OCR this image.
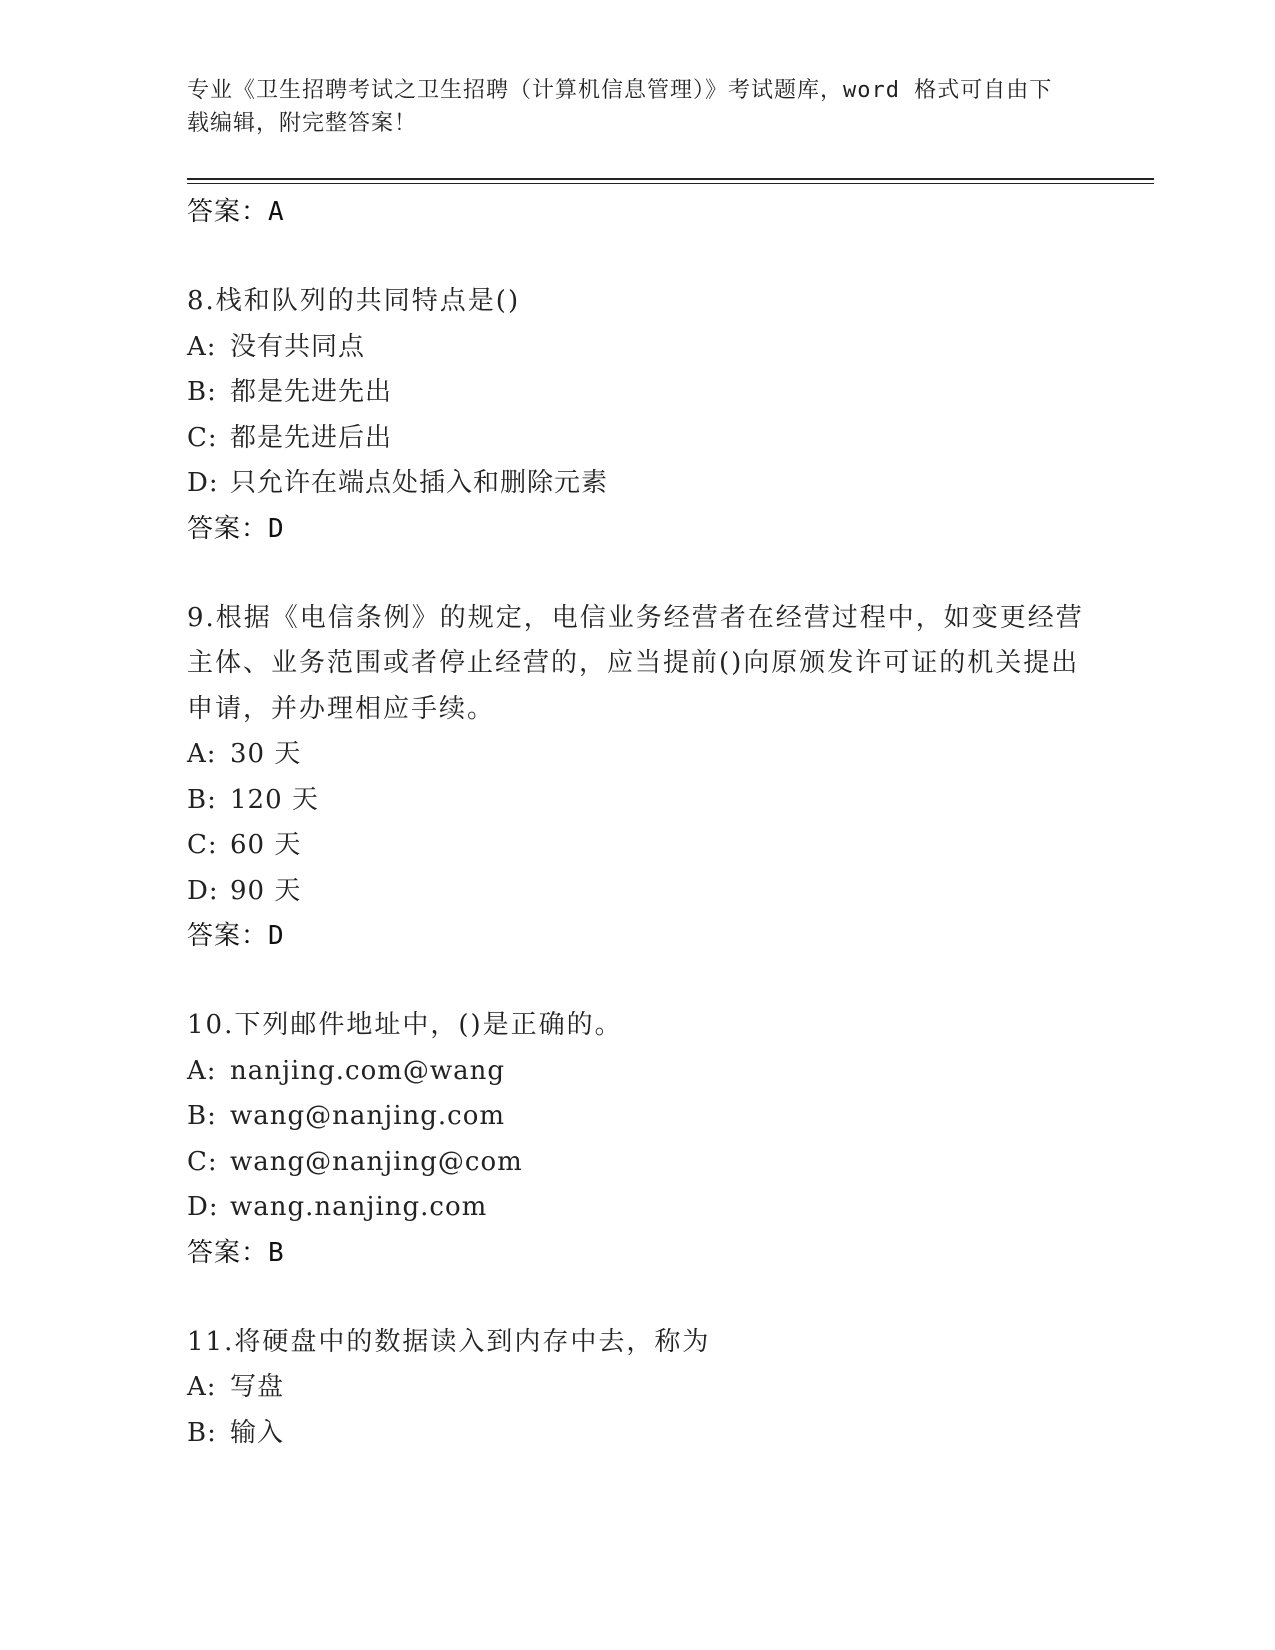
专业《卫生招聘考试之卫生招聘（计算机信息管理）》考试题库，word 格式可自由下载编辑，附完整答案！
答案：A
8.栈和队列的共同特点是()
A: 没有共同点
B: 都是先进先出
C: 都是先进后出
D: 只允许在端点处插入和删除元素
答案：D
9.根据《电信条例》的规定，电信业务经营者在经营过程中，如变更经营主体、业务范围或者停止经营的，应当提前()向原颁发许可证的机关提出申请，并办理相应手续。
A: 30 天
B: 120 天
C: 60 天
D: 90 天
答案：D
10.下列邮件地址中，()是正确的。
A: nanjing.com@wang
B: wang@nanjing.com
C: wang@nanjing@com
D: wang.nanjing.com
答案：B
11.将硬盘中的数据读入到内存中去，称为
A: 写盘
B: 输入
